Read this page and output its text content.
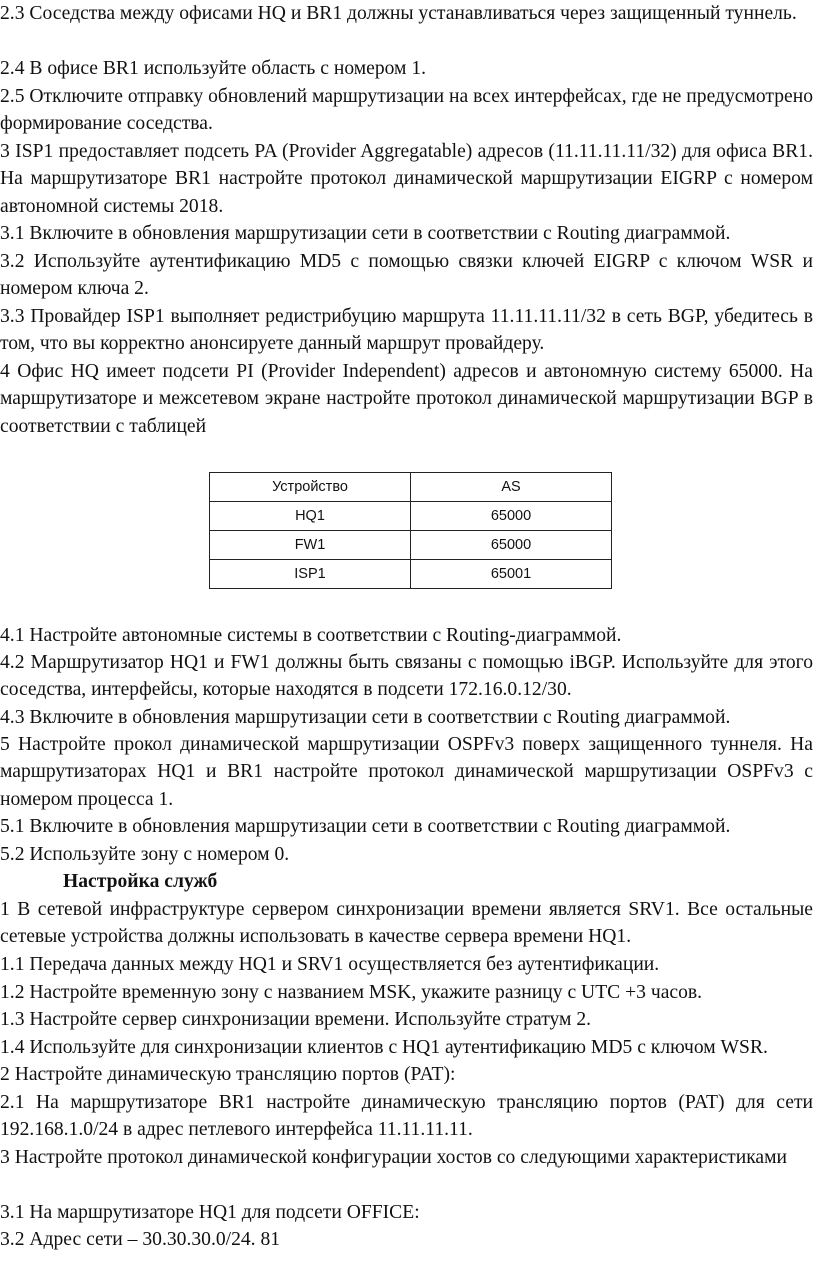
2.3 Соседства между офисами HQ и BR1 должны устанавливаться через защищенный туннель.

2.4 В офисе BR1 используйте область с номером 1.

2.5 Отключите отправку обновлений маршрутизации на всех интерфейсах, где не предусмотрено формирование соседства.

3 ISP1 предоставляет подсеть PA (Provider Aggregatable) адресов (11.11.11.11/32) для офиса BR1. На маршрутизаторе BR1 настройте протокол динамической маршрутизации EIGRP с номером автономной системы 2018.

3.1 Включите в обновления маршрутизации сети в соответствии с Routing диаграммой.

3.2 Используйте аутентификацию MD5 с помощью связки ключей EIGRP с ключом WSR и номером ключа 2.

3.3 Провайдер ISP1 выполняет редистрибуцию маршрута 11.11.11.11/32 в сеть BGP, убедитесь в том, что вы корректно анонсируете данный маршрут провайдеру.

4 Офис HQ имеет подсети PI (Provider Independent) адресов и автономную систему 65000. На маршрутизаторе и межсетевом экране настройте протокол динамической маршрутизации BGP в соответствии с таблицей

Устройство	AS
HQ1	65000
FW1	65000
ISP1	65001

4.1 Настройте автономные системы в соответствии с Routing-диаграммой.

4.2 Маршрутизатор HQ1 и FW1 должны быть связаны с помощью iBGP. Используйте для этого соседства, интерфейсы, которые находятся в подсети 172.16.0.12/30.

4.3 Включите в обновления маршрутизации сети в соответствии с Routing диаграммой.

5 Настройте прокол динамической маршрутизации OSPFv3 поверх защищенного туннеля. На маршрутизаторах HQ1 и BR1 настройте протокол динамической маршрутизации OSPFv3 с номером процесса 1.

5.1 Включите в обновления маршрутизации сети в соответствии с Routing диаграммой.

5.2 Используйте зону с номером 0.

Настройка служб

1 В сетевой инфраструктуре сервером синхронизации времени является SRV1. Все остальные сетевые устройства должны использовать в качестве сервера времени HQ1.

1.1 Передача данных между HQ1 и SRV1 осуществляется без аутентификации.

1.2 Настройте временную зону с названием MSK, укажите разницу с UTC +3 часов.

1.3 Настройте сервер синхронизации времени. Используйте стратум 2.

1.4 Используйте для синхронизации клиентов с HQ1 аутентификацию MD5 с ключом WSR.

2 Настройте динамическую трансляцию портов (PAT):

2.1 На маршрутизаторе BR1 настройте динамическую трансляцию портов (PAT) для сети 192.168.1.0/24 в адрес петлевого интерфейса 11.11.11.11.

3 Настройте протокол динамической конфигурации хостов со следующими характеристиками

3.1 На маршрутизаторе HQ1 для подсети OFFICE:

3.2 Адрес сети – 30.30.30.0/24. 81
